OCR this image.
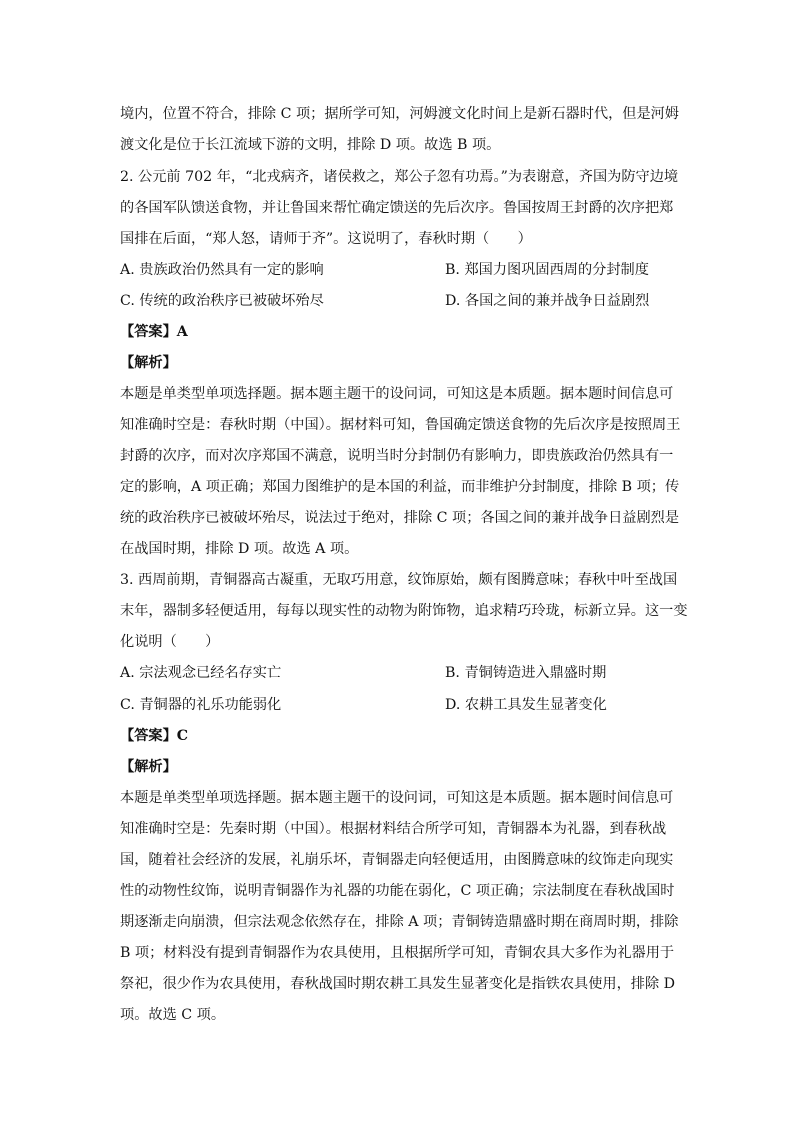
境内，位置不符合，排除 C 项；据所学可知，河姆渡文化时间上是新石器时代，但是河姆
渡文化是位于长江流域下游的文明，排除 D 项。故选 B 项。
2. 公元前 702 年，“北戎病齐，诸侯救之，郑公子忽有功焉。”为表谢意，齐国为防守边境
的各国军队馈送食物，并让鲁国来帮忙确定馈送的先后次序。鲁国按周王封爵的次序把郑
国排在后面，“郑人怒，请师于齐”。这说明了，春秋时期（　　）
A. 贵族政治仍然具有一定的影响	B. 郑国力图巩固西周的分封制度
C. 传统的政治秩序已被破坏殆尽	D. 各国之间的兼并战争日益剧烈
【答案】A
【解析】
本题是单类型单项选择题。据本题主题干的设问词，可知这是本质题。据本题时间信息可
知准确时空是：春秋时期（中国）。据材料可知，鲁国确定馈送食物的先后次序是按照周王
封爵的次序，而对次序郑国不满意，说明当时分封制仍有影响力，即贵族政治仍然具有一
定的影响，A 项正确；郑国力图维护的是本国的利益，而非维护分封制度，排除 B 项；传
统的政治秩序已被破坏殆尽，说法过于绝对，排除 C 项；各国之间的兼并战争日益剧烈是
在战国时期，排除 D 项。故选 A 项。
3. 西周前期，青铜器高古凝重，无取巧用意，纹饰原始，颇有图腾意味；春秋中叶至战国
末年，器制多轻便适用，每每以现实性的动物为附饰物，追求精巧玲珑，标新立异。这一变
化说明（　　）
A. 宗法观念已经名存实亡	B. 青铜铸造进入鼎盛时期
C. 青铜器的礼乐功能弱化	D. 农耕工具发生显著变化
【答案】C
【解析】
本题是单类型单项选择题。据本题主题干的设问词，可知这是本质题。据本题时间信息可
知准确时空是：先秦时期（中国）。根据材料结合所学可知，青铜器本为礼器，到春秋战
国，随着社会经济的发展，礼崩乐坏，青铜器走向轻便适用，由图腾意味的纹饰走向现实
性的动物性纹饰，说明青铜器作为礼器的功能在弱化，C 项正确；宗法制度在春秋战国时
期逐渐走向崩溃，但宗法观念依然存在，排除 A 项；青铜铸造鼎盛时期在商周时期，排除
B 项；材料没有提到青铜器作为农具使用，且根据所学可知，青铜农具大多作为礼器用于
祭祀，很少作为农具使用，春秋战国时期农耕工具发生显著变化是指铁农具使用，排除 D
项。故选 C 项。
